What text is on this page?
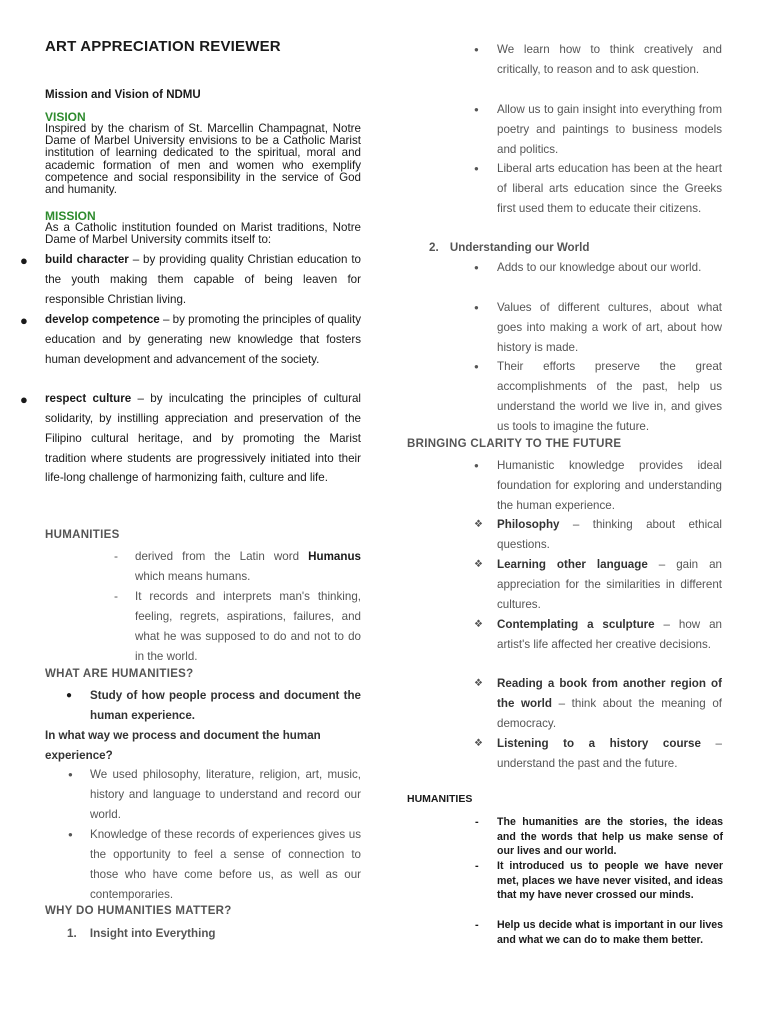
ART APPRECIATION REVIEWER
Mission and Vision of NDMU
VISION
Inspired by the charism of St. Marcellin Champagnat, Notre Dame of Marbel University envisions to be a Catholic Marist institution of learning dedicated to the spiritual, moral and academic formation of men and women who exemplify competence and social responsibility in the service of God and humanity.
MISSION
As a Catholic institution founded on Marist traditions, Notre Dame of Marbel University commits itself to:
● build character – by providing quality Christian education to the youth making them capable of being leaven for responsible Christian living.

● develop competence – by promoting the principles of quality education and by generating new knowledge that fosters human development and advancement of the society.

● respect culture – by inculcating the principles of cultural solidarity, by instilling appreciation and preservation of the Filipino cultural heritage, and by promoting the Marist tradition where students are progressively initiated into their life-long challenge of harmonizing faith, culture and life.

HUMANITIES
- derived from the Latin word Humanus which means humans.

- It records and interprets man's thinking, feeling, regrets, aspirations, failures, and what he was supposed to do and not to do in the world.

WHAT ARE HUMANITIES?
● Study of how people process and document the human experience.

In what way we process and document the human experience?

● We used philosophy, literature, religion, art, music, history and language to understand and record our world.

● Knowledge of these records of experiences gives us the opportunity to feel a sense of connection to those who have come before us, as well as our contemporaries.

WHY DO HUMANITIES MATTER?
1. Insight into Everything
● We learn how to think creatively and critically, to reason and to ask question.

● Allow us to gain insight into everything from poetry and paintings to business models and politics.

● Liberal arts education has been at the heart of liberal arts education since the Greeks first used them to educate their citizens.

2. Understanding our World
● Adds to our knowledge about our world.

● Values of different cultures, about what goes into making a work of art, about how history is made.

● Their efforts preserve the great accomplishments of the past, help us understand the world we live in, and gives us tools to imagine the future.

BRINGING CLARITY TO THE FUTURE
● Humanistic knowledge provides ideal foundation for exploring and understanding the human experience.

❖ Philosophy – thinking about ethical questions.

❖ Learning other language – gain an appreciation for the similarities in different cultures.

❖ Contemplating a sculpture – how an artist's life affected her creative decisions.

❖ Reading a book from another region of the world – think about the meaning of democracy.

❖ Listening to a history course – understand the past and the future.

HUMANITIES
- The humanities are the stories, the ideas and the words that help us make sense of our lives and our world.

- It introduced us to people we have never met, places we have never visited, and ideas that my have never crossed our minds.

- Help us decide what is important in our lives and what we can do to make them better.
